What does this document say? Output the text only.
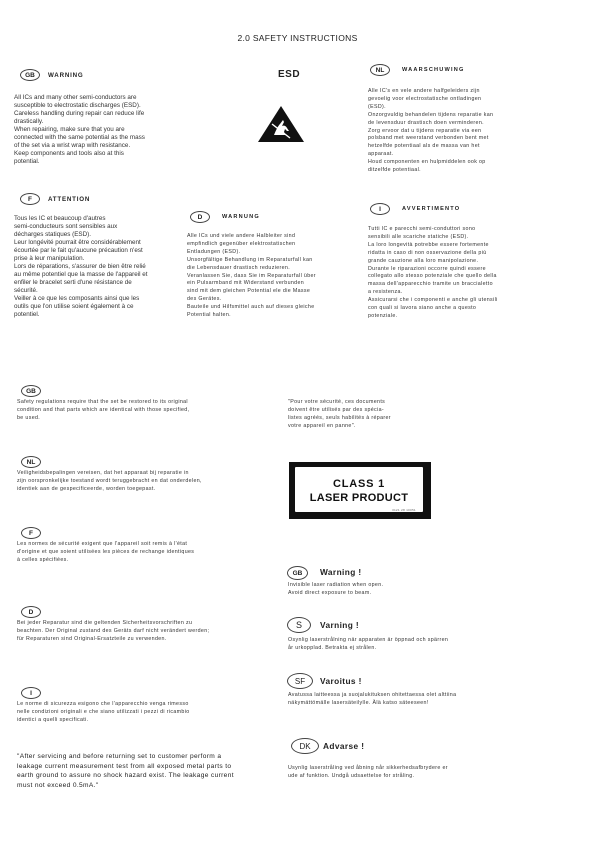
2.0 SAFETY INSTRUCTIONS
GB	WARNING

All ICs and many other semi-conductors are
susceptible to electrostatic discharges (ESD).
Careless handling during repair can reduce life
drastically.
When repairing, make sure that you are
connected with the same potential as the mass
of the set via a wrist wrap with resistance.
Keep components and tools also at this
potential.

ESD	NL	WAARSCHUWING

Alle IC's en vele andere halfgeleiders zijn
gevoelig voor electrostatische ontladingen
(ESD).
Onzorgvuldig behandelen tijdens reparatie kan
de levensduur drastisch doen verminderen.
Zorg ervoor dat u tijdens reparatie via een
polsband met weerstand verbonden bent met
hetzelfde potentiaal als de massa van het
apparaat.
Houd componenten en hulpmiddelen ook op
ditzelfde potentiaal.

F	ATTENTION

Tous les IC et beaucoup d'autres
semi-conducteurs sont sensibles aux
décharges statiques (ESD).
Leur longévité pourrait être considérablement
écourtée par le fait qu'aucune précaution n'est
prise à leur manipulation.
Lors de réparations, s'assurer de bien être relié
au même potentiel que la masse de l'appareil et
enfiler le bracelet serti d'une résistance de
sécurité.
Veiller à ce que les composants ainsi que les
outils que l'on utilise soient également à ce
potentiel.

D	WARNUNG

Alle ICs und viele andere Halbleiter sind
empfindlich gegenüber elektrostatischen
Entladungen (ESD).
Unsorgfältige Behandlung im Reparaturfall kan
die Lebensdauer drastisch reduzieren.
Veranlassen Sie, dass Sie im Reparaturfall über
ein Pulsarmband mit Widerstand verbunden
sind mit dem gleichen Potential ele die Masse
des Gerätes.
Bauteile und Hilfsmittel auch auf dieses gleiche
Potential halten.

I	AVVERTIMENTO

Tutti IC e parecchi semi-conduttori sono
sensibili alle scariche statiche (ESD).
La loro longevità potrebbe essere fortemente
ridatta in caso di non osservazione della più
grande cauzione alla loro manipolazione.
Durante le riparazioni occorre quindi essere
collegato allo stesso potenziale che quello della
massa dell'apparecchio tramite un braccialetto
a resistenza.
Assicurarsi che i componenti e anche gli utensili
con quali si lavora siano anche a questo
potenziale.

GB

Safety regulations require that the set be restored to its original
condition and that parts which are identical with those specified,
be used.

NL

Veiligheidsbepalingen vereisen, dat het apparaat bij reparatie in
zijn oorspronkelijke toestand wordt teruggebracht en dat onderdelen,
identiek aan de gespecificeerde, worden toegepast.

F

Les normes de sécurité exigent que l'appareil soit remis à l'état
d'origine et que soient utilisées les pièces de rechange identiques
à celles spécifiées.

D

Bei jeder Reparatur sind die geltenden Sicherheitsvorschriften zu
beachten. Der Original zustand des Geräts darf nicht verändert werden;
für Reparaturen sind Original-Ersatzteile zu verwenden.

I

Le norme di sicurezza esigono che l'apparecchio venga rimesso
nelle condizioni originali e che siano utilizzati i pezzi di ricambio
identici a quelli specificati.

"After servicing and before returning set to customer perform a
leakage current measurement test from all exposed metal parts to
earth ground to assure no shock hazard exist. The leakage current
must not exceed 0.5mA."

"Pour votre sécurité, ces documents
doivent être utilisés par des spécia-
listes agréés, seuls habilités à réparer
votre appareil en panne".

CLASS 1
LASER PRODUCT
3121 28 10051
GB	Warning !

Invisible laser radiation when open.
Avoid direct exposure to beam.

S	Varning !

Osynlig laserstrålning när apparaten är öppnad och spärren
år urkopplad. Betrakta ej strålen.

SF	Varoitus !

Avatussa laitteessa ja suojalukituksen ohitettaessa olet alttiina
näkymättömälle lasersäteilylle. Älä katso säteeseen!

DK	Advarse !

Usynlig laserstråling ved åbning når sikkerhedsafbrydere er
ude af funktion. Undgå udsaettelse for stråling.
